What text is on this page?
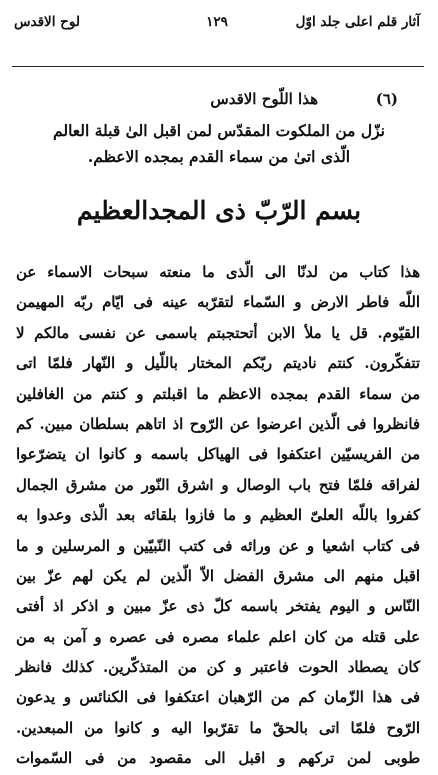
آثار قلم اعلى جلد اوّل
١٢٩
لوح الاقدس
(٦)
هذا اللّوح الاقدس
نزّل من الملكوت المقدّس لمن اقبل الیٰ قبلة العالم
الّذى اتیٰ من سماء القدم بمجده الاعظم.
بسم الرّبّ ذى المجدالعظیم
هذا كتاب من لدنّا الى الّذى ما منعته سبحات الاسماء عن
اللّه فاطر الارض و السّماء لتقرّبه عينه فى ايّام ربّه المهيمن
القيّوم. قل يا ملأ الابن أتحتجبتم باسمى عن نفسى مالكم لا
تتفكّرون. كنتم ناديتم ربّكم المختار باللّيل و النّهار فلمّا اتى
من سماء القدم بمجده الاعظم ما اقبلتم و كنتم من الغافلين
فانظروا فى الّذين اعرضوا عن الرّوح اذ اتاهم بسلطان مبين. كم
من الفريسيّين اعتكفوا فى الهياكل باسمه و كانوا ان يتضرّعوا
لفراقه فلمّا فتح باب الوصال و اشرق النّور من مشرق الجمال
كفروا باللّه العلىّ العظيم و ما فازوا بلقائه بعد الّذى وعدوا به
فى كتاب اشعيا و عن ورائه فى كتب النّبيّين و المرسلين و ما
اقبل منهم الى مشرق الفضل الاّ الّذين لم يكن لهم عزّ بين
النّاس و اليوم يفتخر باسمه كلّ ذى عزّ مبين و اذكر اذ أفتى
على قتله من كان اعلم علماء مصره فى عصره و آمن به من
كان يصطاد الحوت فاعتبر و كن من المتذكّرين. كذلك فانظر
فى هذا الزّمان كم من الرّهبان اعتكفوا فى الكنائس و يدعون
الرّوح فلمّا اتى بالحقّ ما تقرّبوا اليه و كانوا من المبعدين.
طوبى لمن تركهم و اقبل الى مقصود من فى السّموات
